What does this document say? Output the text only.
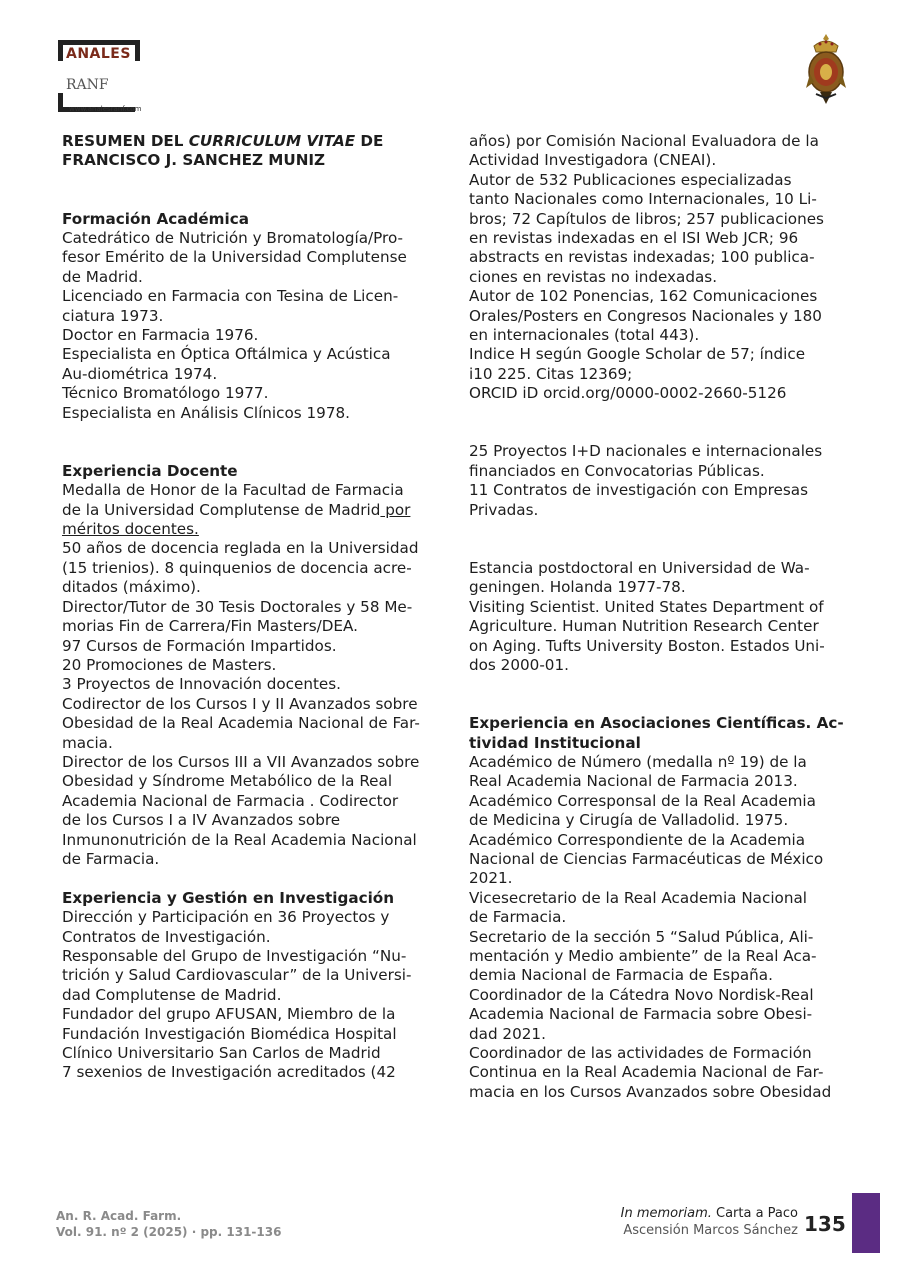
ANALES
RANF
www.analesranf.com
RESUMEN DEL CURRICULUM VITAE DE
FRANCISCO J. SANCHEZ MUNIZ
Formación Académica
Catedrático de Nutrición y Bromatología/Pro-
fesor Emérito de la Universidad Complutense
de Madrid.
Licenciado en Farmacia con Tesina de Licen-
ciatura 1973.
Doctor en Farmacia 1976.
Especialista en Óptica Oftálmica y Acústica
Au-diométrica 1974.
Técnico Bromatólogo 1977.
Especialista en Análisis Clínicos 1978.
Experiencia Docente
Medalla de Honor de la Facultad de Farmacia
de la Universidad Complutense de Madrid por
méritos docentes.
50 años de docencia reglada en la Universidad
(15 trienios). 8 quinquenios de docencia acre-
ditados (máximo).
Director/Tutor de 30 Tesis Doctorales y 58 Me-
morias Fin de Carrera/Fin Masters/DEA.
97 Cursos de Formación Impartidos.
20 Promociones de Masters.
3 Proyectos de Innovación docentes.
Codirector de los Cursos I y II Avanzados sobre
Obesidad de la Real Academia Nacional de Far-
macia.
Director de los Cursos III a VII Avanzados sobre
Obesidad y Síndrome Metabólico de la Real
Academia Nacional de Farmacia . Codirector
de los Cursos I a IV Avanzados sobre
Inmunonutrición de la Real Academia Nacional
de Farmacia.
Experiencia y Gestión en Investigación
Dirección y Participación en 36 Proyectos y
Contratos de Investigación.
Responsable del Grupo de Investigación “Nu-
trición y Salud Cardiovascular” de la Universi-
dad Complutense de Madrid.
Fundador del grupo AFUSAN, Miembro de la
Fundación Investigación Biomédica Hospital
Clínico Universitario San Carlos de Madrid
7 sexenios de Investigación acreditados (42
años) por Comisión Nacional Evaluadora de la
Actividad Investigadora (CNEAI).
Autor de 532 Publicaciones especializadas
tanto Nacionales como Internacionales, 10 Li-
bros; 72 Capítulos de libros; 257 publicaciones
en revistas indexadas en el ISI Web JCR; 96
abstracts en revistas indexadas; 100 publica-
ciones en revistas no indexadas.
Autor de 102 Ponencias, 162 Comunicaciones
Orales/Posters en Congresos Nacionales y 180
en internacionales (total 443).
Indice H según Google Scholar de 57; índice
i10 225. Citas 12369;
ORCID iD orcid.org/0000-0002-2660-5126
25 Proyectos I+D nacionales e internacionales
financiados en Convocatorias Públicas.
11 Contratos de investigación con Empresas
Privadas.
Estancia postdoctoral en Universidad de Wa-
geningen. Holanda 1977-78.
Visiting Scientist. United States Department of
Agriculture. Human Nutrition Research Center
on Aging. Tufts University Boston. Estados Uni-
dos 2000-01.
Experiencia en Asociaciones Científicas. Ac-
tividad Institucional
Académico de Número (medalla nº 19) de la
Real Academia Nacional de Farmacia 2013.
Académico Corresponsal de la Real Academia
de Medicina y Cirugía de Valladolid. 1975.
Académico Correspondiente de la Academia
Nacional de Ciencias Farmacéuticas de México
2021.
Vicesecretario de la Real Academia Nacional
de Farmacia.
Secretario de la sección 5 “Salud Pública, Ali-
mentación y Medio ambiente” de la Real Aca-
demia Nacional de Farmacia de España.
Coordinador de la Cátedra Novo Nordisk-Real
Academia Nacional de Farmacia sobre Obesi-
dad 2021.
Coordinador de las actividades de Formación
Continua en la Real Academia Nacional de Far-
macia en los Cursos Avanzados sobre Obesidad
An. R. Acad. Farm.
Vol. 91. nº 2 (2025) · pp. 131-136
In memoriam. Carta a Paco
Ascensión Marcos Sánchez 135
